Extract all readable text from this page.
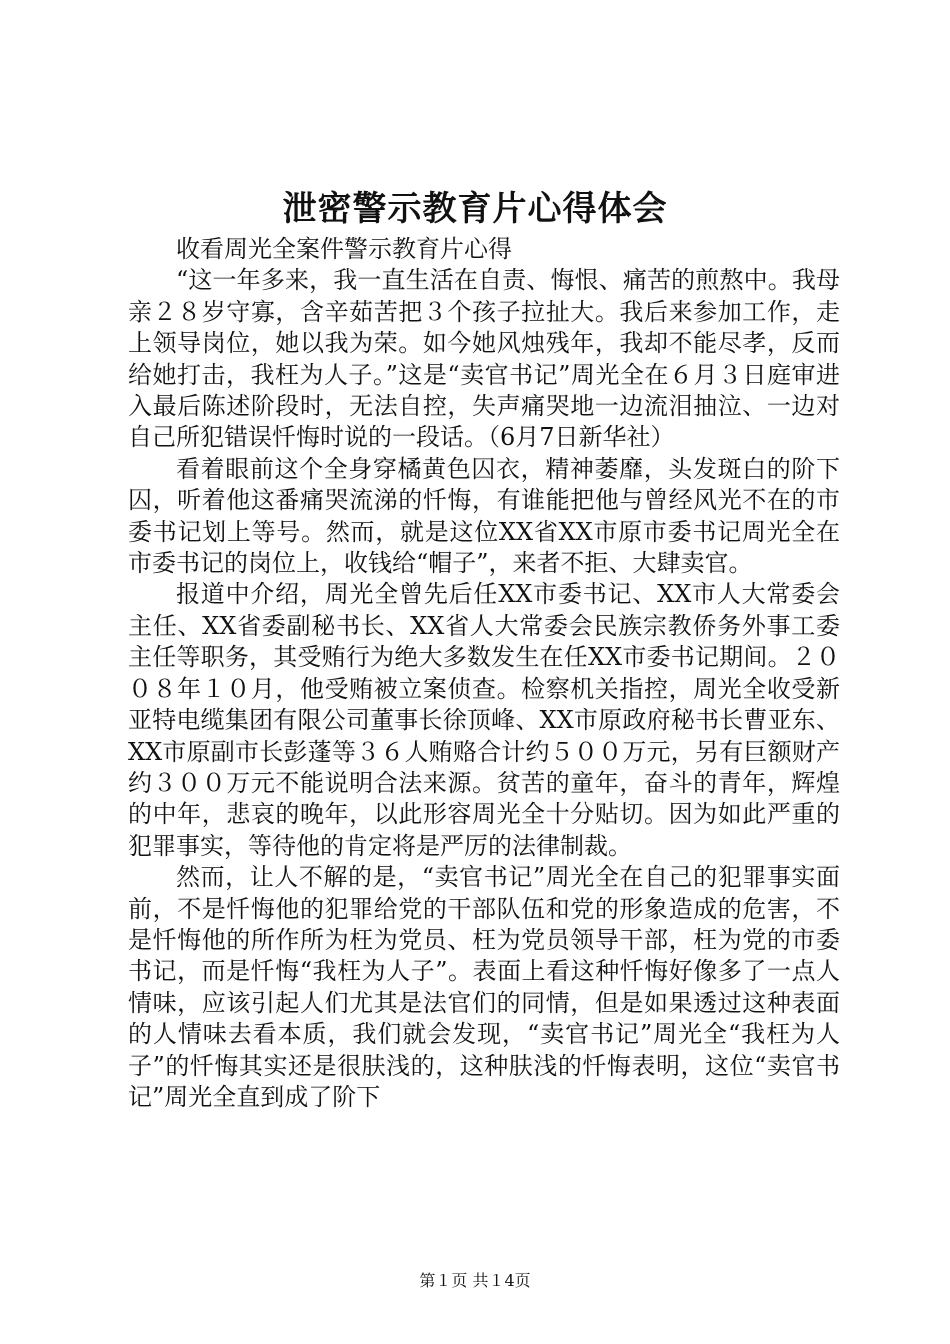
泄密警示教育片心得体会

收看周光全案件警示教育片心得

“这一年多来，我一直生活在自责、悔恨、痛苦的煎熬中。我母亲２８岁守寡，含辛茹苦把３个孩子拉扯大。我后来参加工作，走上领导岗位，她以我为荣。如今她风烛残年，我却不能尽孝，反而给她打击，我枉为人子。”这是“卖官书记”周光全在６月３日庭审进入最后陈述阶段时，无法自控，失声痛哭地一边流泪抽泣、一边对自己所犯错误忏悔时说的一段话。（6月7日新华社）

看着眼前这个全身穿橘黄色囚衣，精神萎靡，头发斑白的阶下囚，听着他这番痛哭流涕的忏悔，有谁能把他与曾经风光不在的市委书记划上等号。然而，就是这位XX省XX市原市委书记周光全在市委书记的岗位上，收钱给“帽子”，来者不拒、大肆卖官。

报道中介绍，周光全曾先后任XX市委书记、XX市人大常委会主任、XX省委副秘书长、XX省人大常委会民族宗教侨务外事工委主任等职务，其受贿行为绝大多数发生在任XX市委书记期间。２００８年１０月，他受贿被立案侦查。检察机关指控，周光全收受新亚特电缆集团有限公司董事长徐顶峰、XX市原政府秘书长曹亚东、XX市原副市长彭蓬等３６人贿赂合计约５００万元，另有巨额财产约３００万元不能说明合法来源。贫苦的童年，奋斗的青年，辉煌的中年，悲哀的晚年，以此形容周光全十分贴切。因为如此严重的犯罪事实，等待他的肯定将是严厉的法律制裁。

然而，让人不解的是，“卖官书记”周光全在自己的犯罪事实面前，不是忏悔他的犯罪给党的干部队伍和党的形象造成的危害，不是忏悔他的所作所为枉为党员、枉为党员领导干部，枉为党的市委书记，而是忏悔“我枉为人子”。表面上看这种忏悔好像多了一点人情味，应该引起人们尤其是法官们的同情，但是如果透过这种表面的人情味去看本质，我们就会发现，“卖官书记”周光全“我枉为人子”的忏悔其实还是很肤浅的，这种肤浅的忏悔表明，这位“卖官书记”周光全直到成了阶下

第１页 共１4页
